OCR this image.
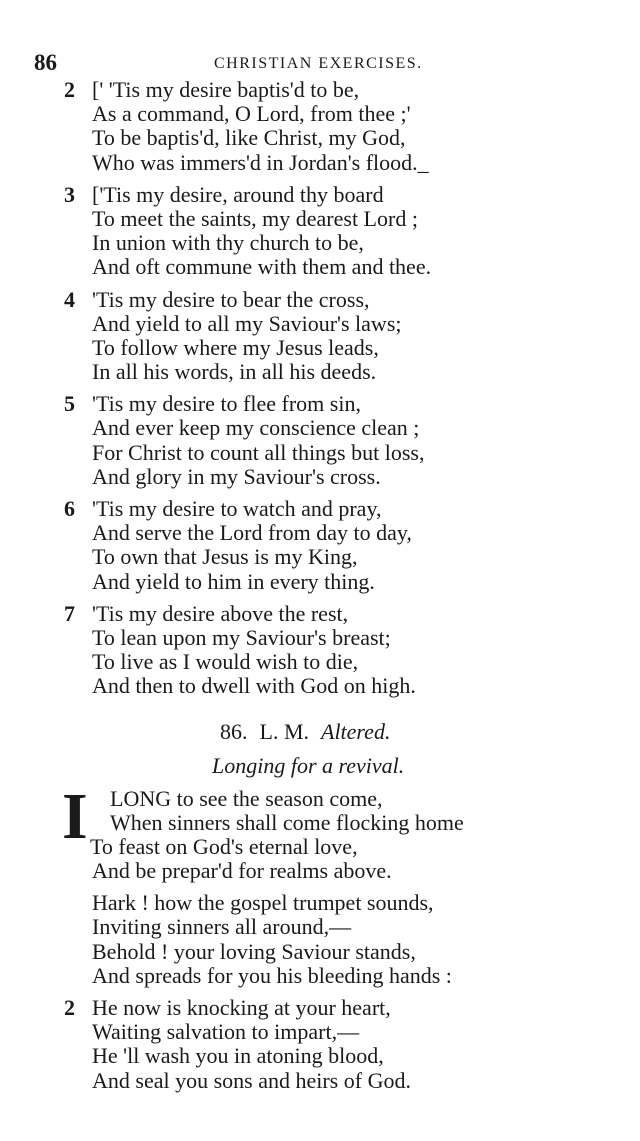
86	CHRISTIAN EXERCISES.
2 [' 'Tis my desire baptis'd to be,
As a command, O Lord, from thee ;'
To be baptis'd, like Christ, my God,
Who was immers'd in Jordan's flood._
3 ['Tis my desire, around thy board
To meet the saints, my dearest Lord ;
In union with thy church to be,
And oft commune with them and thee.
4 'Tis my desire to bear the cross,
And yield to all my Saviour's laws;
To follow where my Jesus leads,
In all his words, in all his deeds.
5 'Tis my desire to flee from sin,
And ever keep my conscience clean ;
For Christ to count all things but loss,
And glory in my Saviour's cross.
6 'Tis my desire to watch and pray,
And serve the Lord from day to day,
To own that Jesus is my King,
And yield to him in every thing.
7 'Tis my desire above the rest,
To lean upon my Saviour's breast;
To live as I would wish to die,
And then to dwell with God on high.
86. L. M. Altered.
Longing for a revival.
I	LONG to see the season come,
When sinners shall come flocking home
To feast on God's eternal love,
And be prepar'd for realms above.
Hark ! how the gospel trumpet sounds,
Inviting sinners all around,—
Behold ! your loving Saviour stands,
And spreads for you his bleeding hands :
2 He now is knocking at your heart,
Waiting salvation to impart,—
He 'll wash you in atoning blood,
And seal you sons and heirs of God.
